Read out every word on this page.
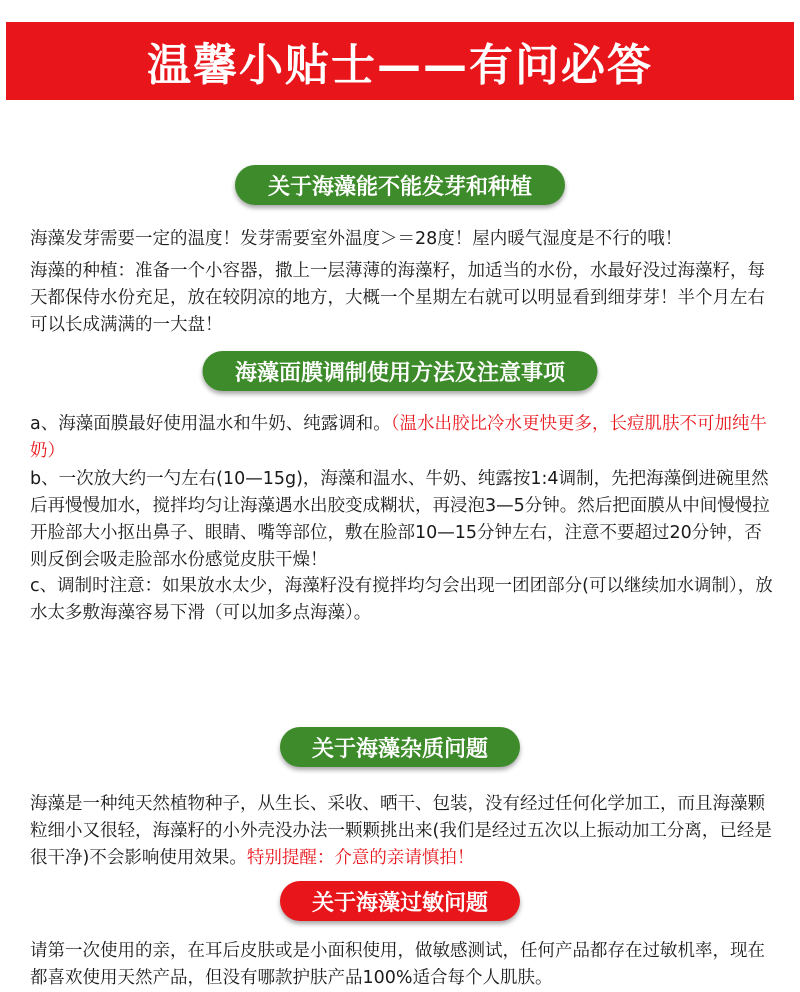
温馨小贴士——有问必答
关于海藻能不能发芽和种植

海藻发芽需要一定的温度！发芽需要室外温度＞＝28度！屋内暖气湿度是不行的哦！

海藻的种植：准备一个小容器，撒上一层薄薄的海藻籽，加适当的水份，水最好没过海藻籽，每天都保侍水份充足，放在较阴凉的地方，大概一个星期左右就可以明显看到细芽芽！半个月左右可以长成满满的一大盘！

海藻面膜调制使用方法及注意事项

a、海藻面膜最好使用温水和牛奶、纯露调和。（温水出胶比冷水更快更多，长痘肌肤不可加纯牛奶）

b、一次放大约一勺左右(10—15g)，海藻和温水、牛奶、纯露按1:4调制，先把海藻倒进碗里然后再慢慢加水，搅拌均匀让海藻遇水出胶变成糊状，再浸泡3—5分钟。然后把面膜从中间慢慢拉开脸部大小抠出鼻子、眼睛、嘴等部位，敷在脸部10—15分钟左右，注意不要超过20分钟，否则反倒会吸走脸部水份感觉皮肤干燥！

c、调制时注意：如果放水太少，海藻籽没有搅拌均匀会出现一团团部分(可以继续加水调制），放水太多敷海藻容易下滑（可以加多点海藻）。

关于海藻杂质问题

海藻是一种纯天然植物种子，从生长、采收、晒干、包装，没有经过任何化学加工，而且海藻颗粒细小又很轻，海藻籽的小外壳没办法一颗颗挑出来(我们是经过五次以上振动加工分离，已经是很干净)不会影响使用效果。特别提醒：介意的亲请慎拍！

关于海藻过敏问题

请第一次使用的亲，在耳后皮肤或是小面积使用，做敏感测试，任何产品都存在过敏机率，现在都喜欢使用天然产品，但没有哪款护肤产品100%适合每个人肌肤。
